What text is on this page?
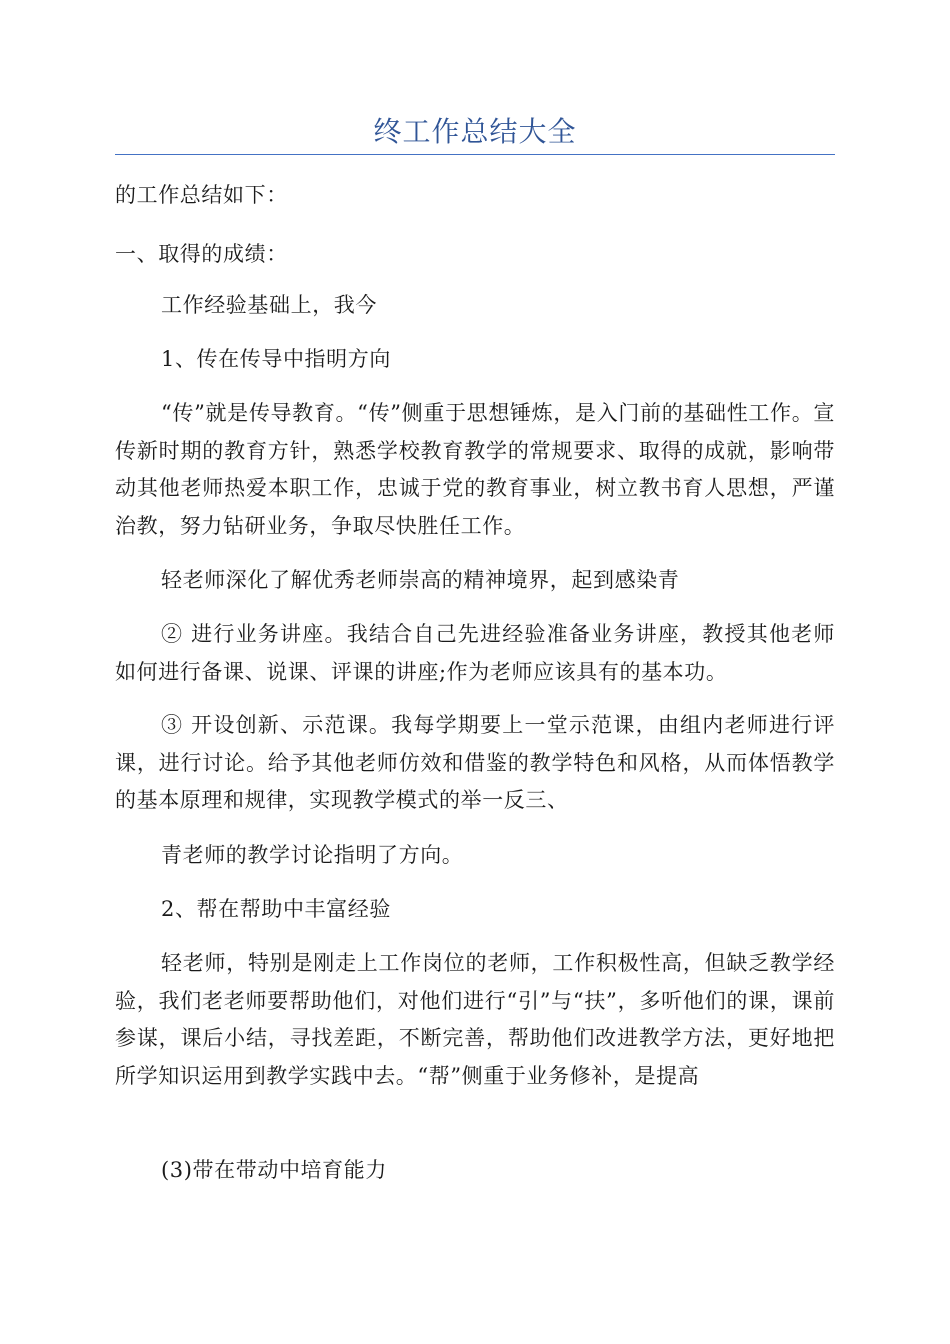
终工作总结大全

的工作总结如下：

一、取得的成绩：

工作经验基础上，我今

1、传在传导中指明方向

“传”就是传导教育。“传”侧重于思想锤炼，是入门前的基础性工作。宣传新时期的教育方针，熟悉学校教育教学的常规要求、取得的成就，影响带动其他老师热爱本职工作，忠诚于党的教育事业，树立教书育人思想，严谨治教，努力钻研业务，争取尽快胜任工作。

轻老师深化了解优秀老师崇高的精神境界，起到感染青

② 进行业务讲座。我结合自己先进经验准备业务讲座，教授其他老师如何进行备课、说课、评课的讲座;作为老师应该具有的基本功。

③ 开设创新、示范课。我每学期要上一堂示范课，由组内老师进行评课，进行讨论。给予其他老师仿效和借鉴的教学特色和风格，从而体悟教学的基本原理和规律，实现教学模式的举一反三、

青老师的教学讨论指明了方向。

2、帮在帮助中丰富经验

轻老师，特别是刚走上工作岗位的老师，工作积极性高，但缺乏教学经验，我们老老师要帮助他们，对他们进行“引”与“扶”，多听他们的课，课前参谋，课后小结，寻找差距，不断完善，帮助他们改进教学方法，更好地把所学知识运用到教学实践中去。“帮”侧重于业务修补，是提高

(3)带在带动中培育能力
